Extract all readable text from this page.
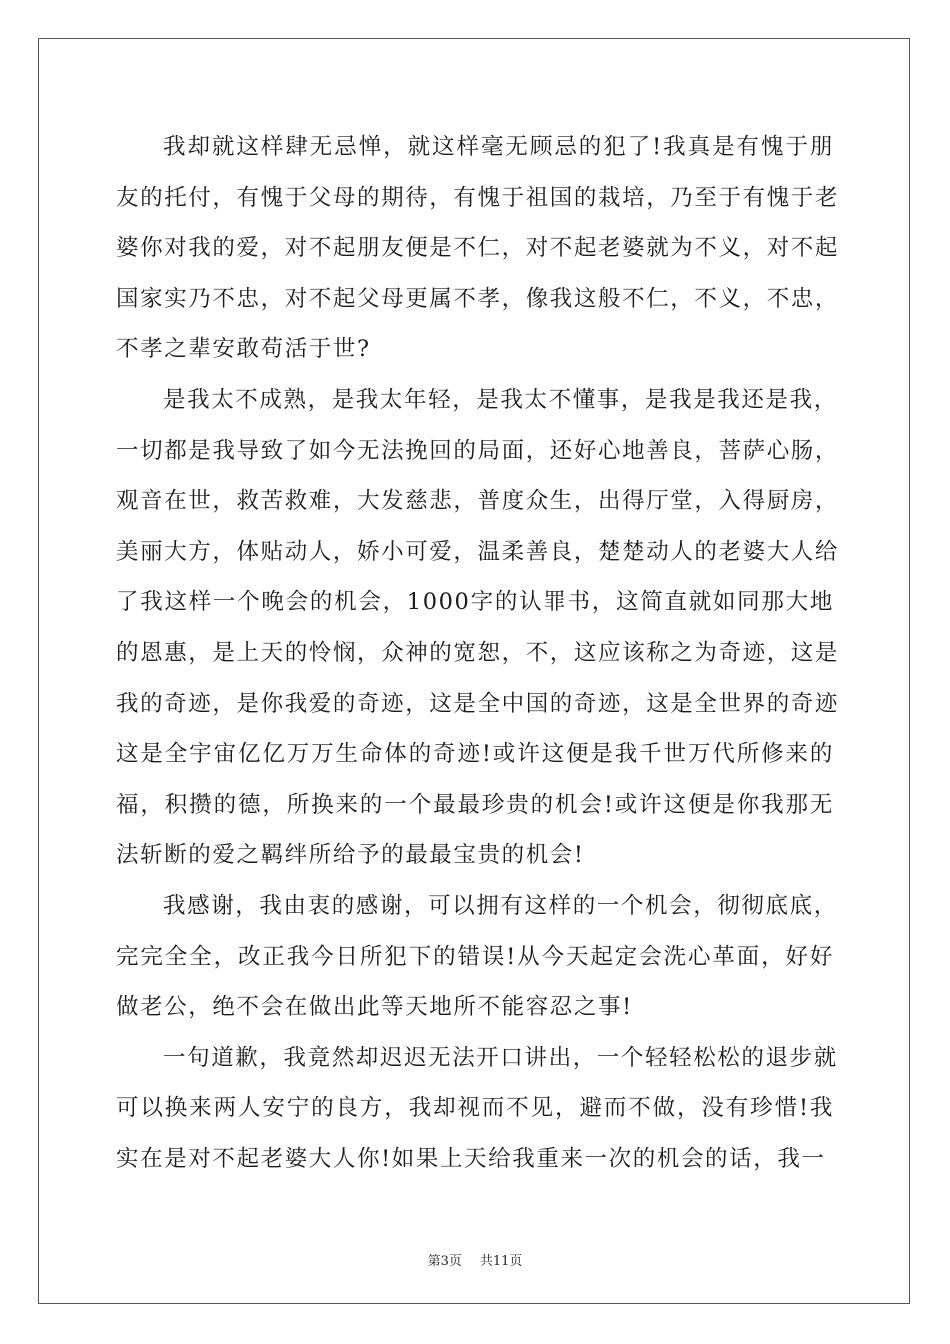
我却就这样肆无忌惮，就这样毫无顾忌的犯了!我真是有愧于朋
友的托付，有愧于父母的期待，有愧于祖国的栽培，乃至于有愧于老
婆你对我的爱，对不起朋友便是不仁，对不起老婆就为不义，对不起
国家实乃不忠，对不起父母更属不孝，像我这般不仁，不义，不忠，
不孝之辈安敢苟活于世?
是我太不成熟，是我太年轻，是我太不懂事，是我是我还是我，
一切都是我导致了如今无法挽回的局面，还好心地善良，菩萨心肠，
观音在世，救苦救难，大发慈悲，普度众生，出得厅堂，入得厨房，
美丽大方，体贴动人，娇小可爱，温柔善良，楚楚动人的老婆大人给
了我这样一个晚会的机会，1000字的认罪书，这简直就如同那大地
的恩惠，是上天的怜悯，众神的宽恕，不，这应该称之为奇迹，这是
我的奇迹，是你我爱的奇迹，这是全中国的奇迹，这是全世界的奇迹
这是全宇宙亿亿万万生命体的奇迹!或许这便是我千世万代所修来的
福，积攒的德，所换来的一个最最珍贵的机会!或许这便是你我那无
法斩断的爱之羁绊所给予的最最宝贵的机会!
我感谢，我由衷的感谢，可以拥有这样的一个机会，彻彻底底，
完完全全，改正我今日所犯下的错误!从今天起定会洗心革面，好好
做老公，绝不会在做出此等天地所不能容忍之事!
一句道歉，我竟然却迟迟无法开口讲出，一个轻轻松松的退步就
可以换来两人安宁的良方，我却视而不见，避而不做，没有珍惜!我
实在是对不起老婆大人你!如果上天给我重来一次的机会的话，我一
第3页 共11页
